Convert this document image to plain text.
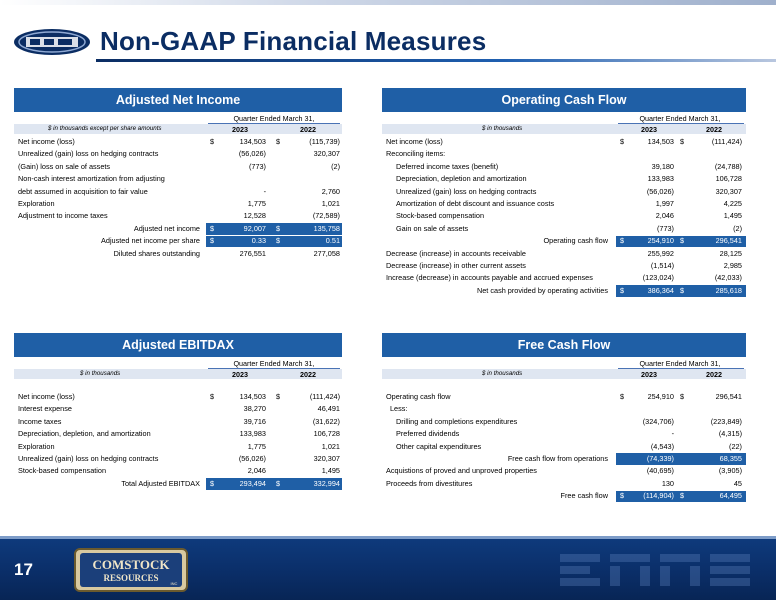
Non-GAAP Financial Measures
Adjusted Net Income
Quarter Ended March 31,
$ in thousands except per share amounts	2023	2022
Net income (loss)	$	134,503 $	(115,739)
Unrealized (gain) loss on hedging contracts	(56,026)	320,307
(Gain) loss on sale of assets	(773)	(2)
Non-cash interest amortization from adjusting
debt assumed in acquisition to fair value	-	2,760
Exploration	1,775	1,021
Adjustment to income taxes	12,528	(72,589)
Adjusted net income $	92,007 $	135,758
Adjusted net income per share $	0.33 $	0.51
Diluted shares outstanding	276,551	277,058
Operating Cash Flow
Quarter Ended March 31,
$ in thousands	2023	2022
Net income (loss)	$	134,503 $	(111,424)
Reconciling items:
Deferred income taxes (benefit)	39,180	(24,788)
Depreciation, depletion and amortization	133,983	106,728
Unrealized (gain) loss on hedging contracts	(56,026)	320,307
Amortization of debt discount and issuance costs	1,997	4,225
Stock-based compensation	2,046	1,495
Gain on sale of assets	(773)	(2)
Operating cash flow $	254,910 $	296,541
Decrease (increase) in accounts receivable	255,992	28,125
Decrease (increase) in other current assets	(1,514)	2,985
Increase (decrease) in accounts payable and accrued expenses	(123,024)	(42,033)
Net cash provided by operating activities $	386,364 $	285,618
Adjusted EBITDAX
Quarter Ended March 31,
$ in thousands	2023	2022
Net income (loss)	$	134,503 $	(111,424)
Interest expense	38,270	46,491
Income taxes	39,716	(31,622)
Depreciation, depletion, and amortization	133,983	106,728
Exploration	1,775	1,021
Unrealized (gain) loss on hedging contracts	(56,026)	320,307
Stock-based compensation	2,046	1,495
Total Adjusted EBITDAX $	293,494 $	332,994
Free Cash Flow
Quarter Ended March 31,
$ in thousands	2023	2022
Operating cash flow	$	254,910 $	296,541
Less:
Drilling and completions expenditures	(324,706)	(223,849)
Preferred dividends	-	(4,315)
Other capital expenditures	(4,543)	(22)
Free cash flow from operations	(74,339)	68,355
Acquistions of proved and unproved properties	(40,695)	(3,905)
Proceeds from divestitures	130	45
Free cash flow $	(114,904) $	64,495
17	COMSTOCK
RESOURCES
INC
